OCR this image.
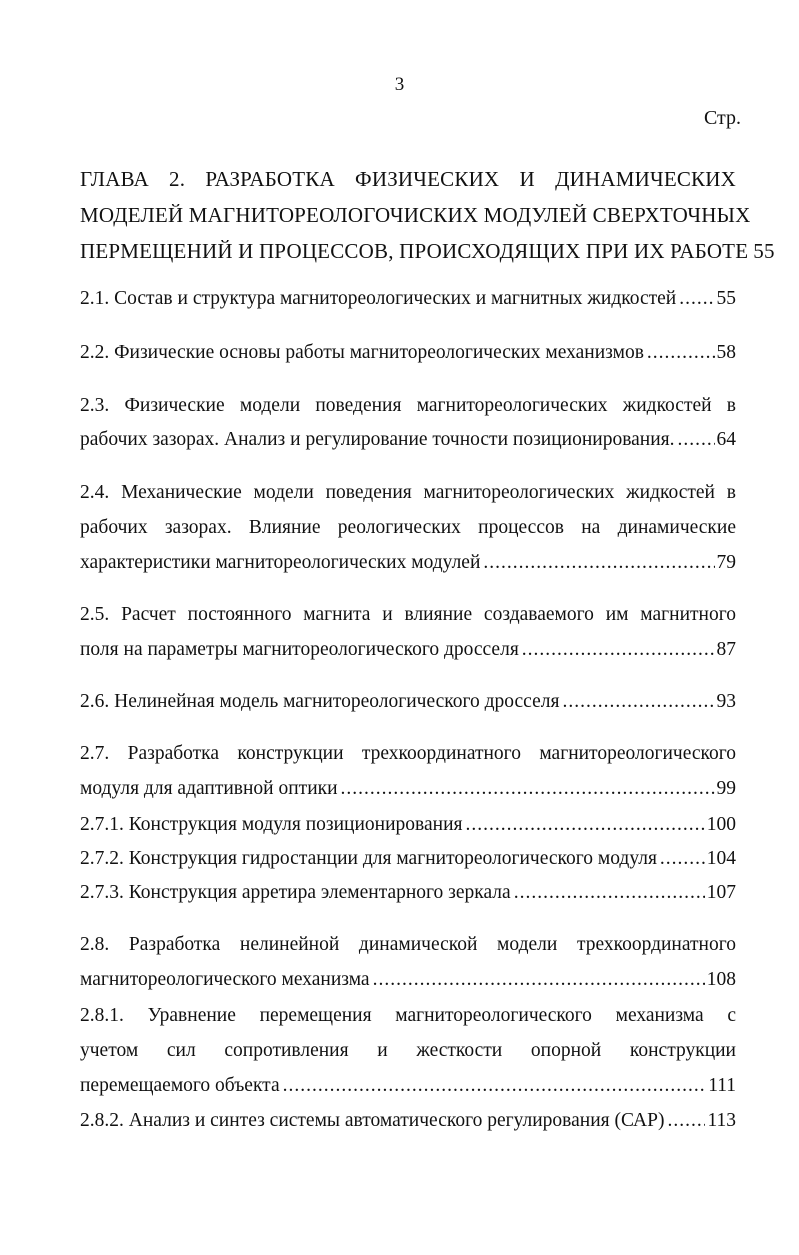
3
Стр.
ГЛАВА 2. РАЗРАБОТКА ФИЗИЧЕСКИХ И ДИНАМИЧЕСКИХ
МОДЕЛЕЙ МАГНИТОРЕОЛОГОЧИСКИХ МОДУЛЕЙ СВЕРХТОЧНЫХ
ПЕРМЕЩЕНИЙ И ПРОЦЕССОВ, ПРОИСХОДЯЩИХ ПРИ ИХ РАБОТЕ 55
2.1. Состав и структура магнитореологических и магнитных жидкостей ..... 55
2.2. Физические основы работы магнитореологических механизмов .....	58
2.3. Физические модели поведения магнитореологических жидкостей в
рабочих зазорах. Анализ и регулирование точности позиционирования. ..... 64
2.4. Механические модели поведения магнитореологических жидкостей в
рабочих зазорах. Влияние реологических процессов на динамические
характеристики магнитореологических модулей .....	79
2.5. Расчет постоянного магнита и влияние создаваемого им магнитного
поля на параметры магнитореологического дросселя .....	87
2.6. Нелинейная модель магнитореологического дросселя .....	93
2.7. Разработка конструкции трехкоординатного магнитореологического
модуля для адаптивной оптики .....	99
2.7.1. Конструкция модуля позиционирования .....	100
2.7.2. Конструкция гидростанции для магнитореологического модуля .....	104
2.7.3. Конструкция арретира элементарного зеркала .....	107
2.8. Разработка нелинейной динамической модели трехкоординатного
магнитореологического механизма .....	108
2.8.1. Уравнение перемещения магнитореологического механизма с
учетом сил сопротивления и жесткости опорной конструкции
перемещаемого объекта .....	111
2.8.2. Анализ и синтез системы автоматического регулирования (САР) ..... 113
